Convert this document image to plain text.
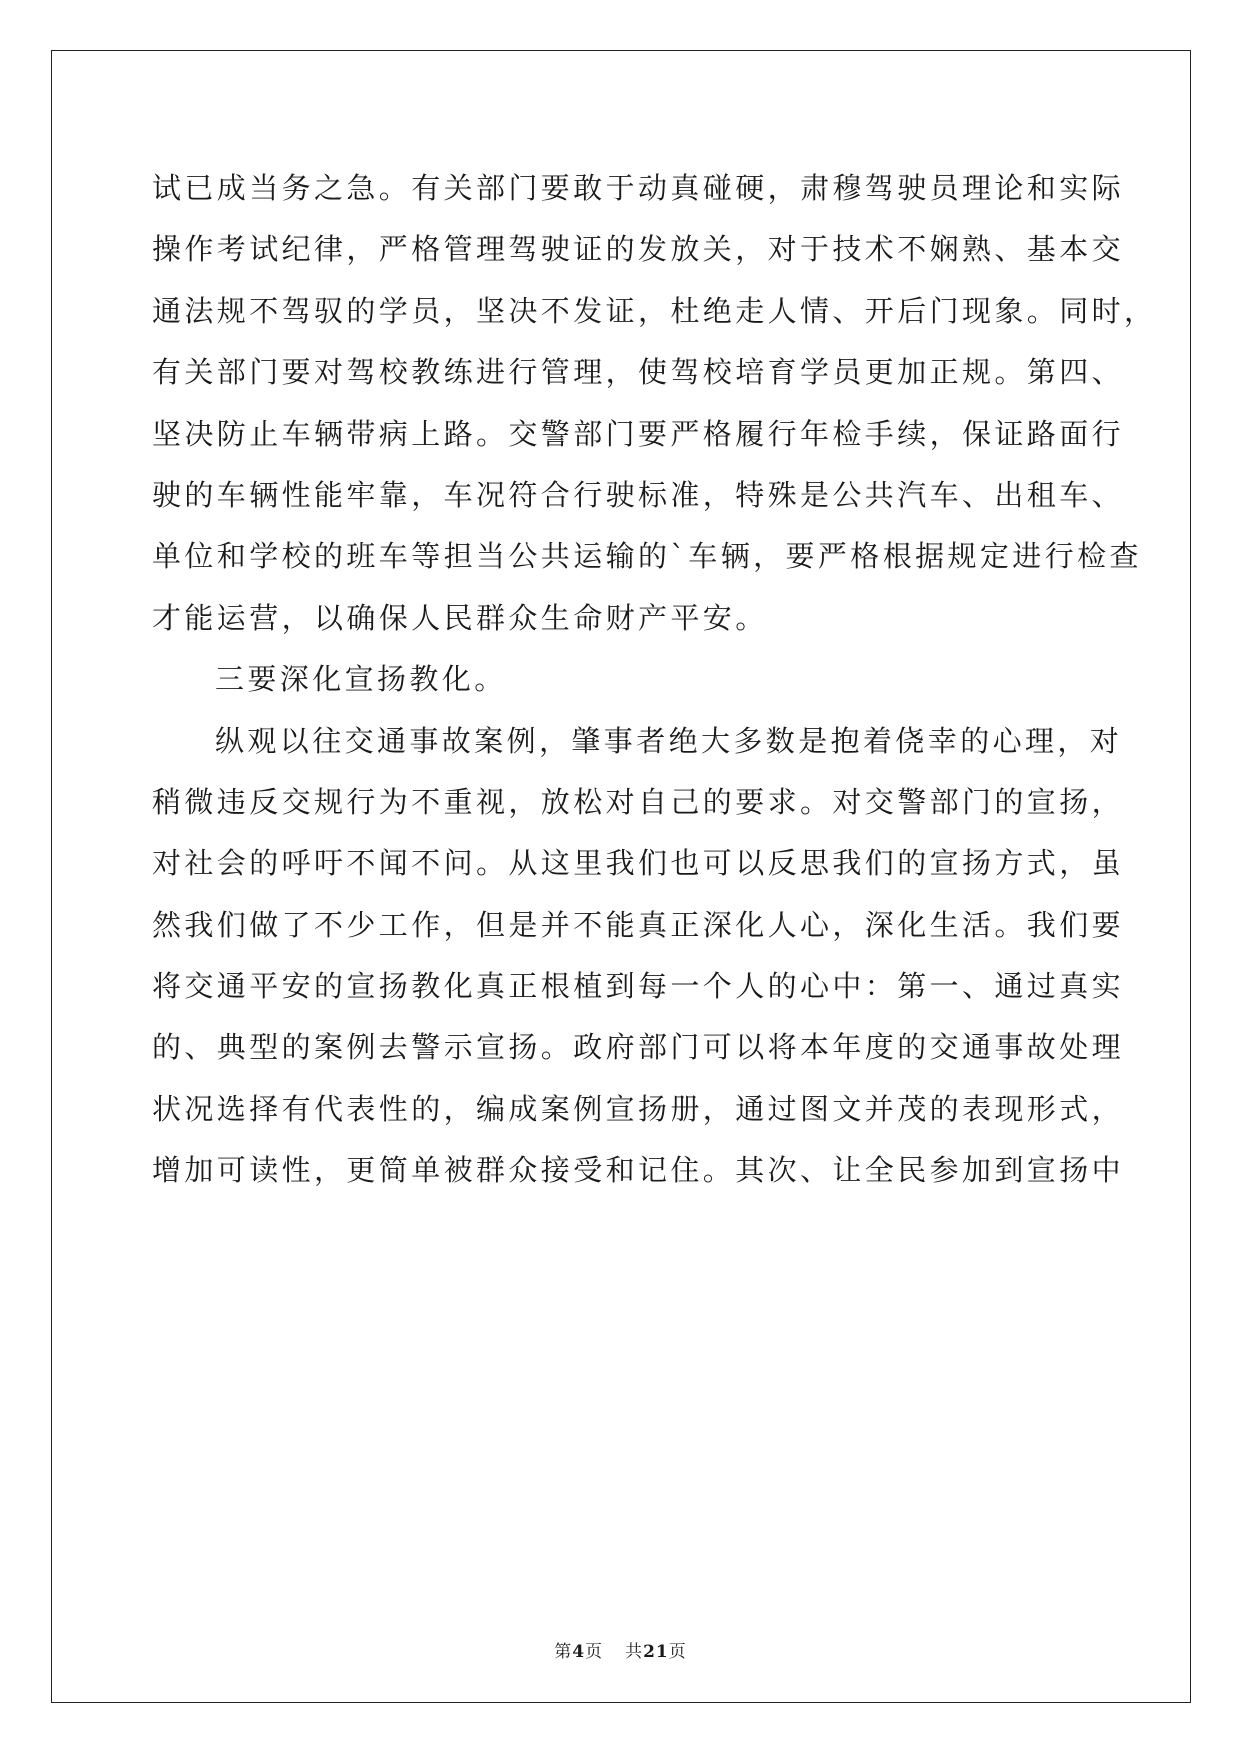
试已成当务之急。有关部门要敢于动真碰硬，肃穆驾驶员理论和实际
操作考试纪律，严格管理驾驶证的发放关，对于技术不娴熟、基本交
通法规不驾驭的学员，坚决不发证，杜绝走人情、开后门现象。同时，
有关部门要对驾校教练进行管理，使驾校培育学员更加正规。第四、
坚决防止车辆带病上路。交警部门要严格履行年检手续，保证路面行
驶的车辆性能牢靠，车况符合行驶标准，特殊是公共汽车、出租车、
单位和学校的班车等担当公共运输的`车辆，要严格根据规定进行检查
才能运营，以确保人民群众生命财产平安。
三要深化宣扬教化。
纵观以往交通事故案例，肇事者绝大多数是抱着侥幸的心理，对
稍微违反交规行为不重视，放松对自己的要求。对交警部门的宣扬，
对社会的呼吁不闻不问。从这里我们也可以反思我们的宣扬方式，虽
然我们做了不少工作，但是并不能真正深化人心，深化生活。我们要
将交通平安的宣扬教化真正根植到每一个人的心中：第一、通过真实
的、典型的案例去警示宣扬。政府部门可以将本年度的交通事故处理
状况选择有代表性的，编成案例宣扬册，通过图文并茂的表现形式，
增加可读性，更简单被群众接受和记住。其次、让全民参加到宣扬中
第4页 共21页
